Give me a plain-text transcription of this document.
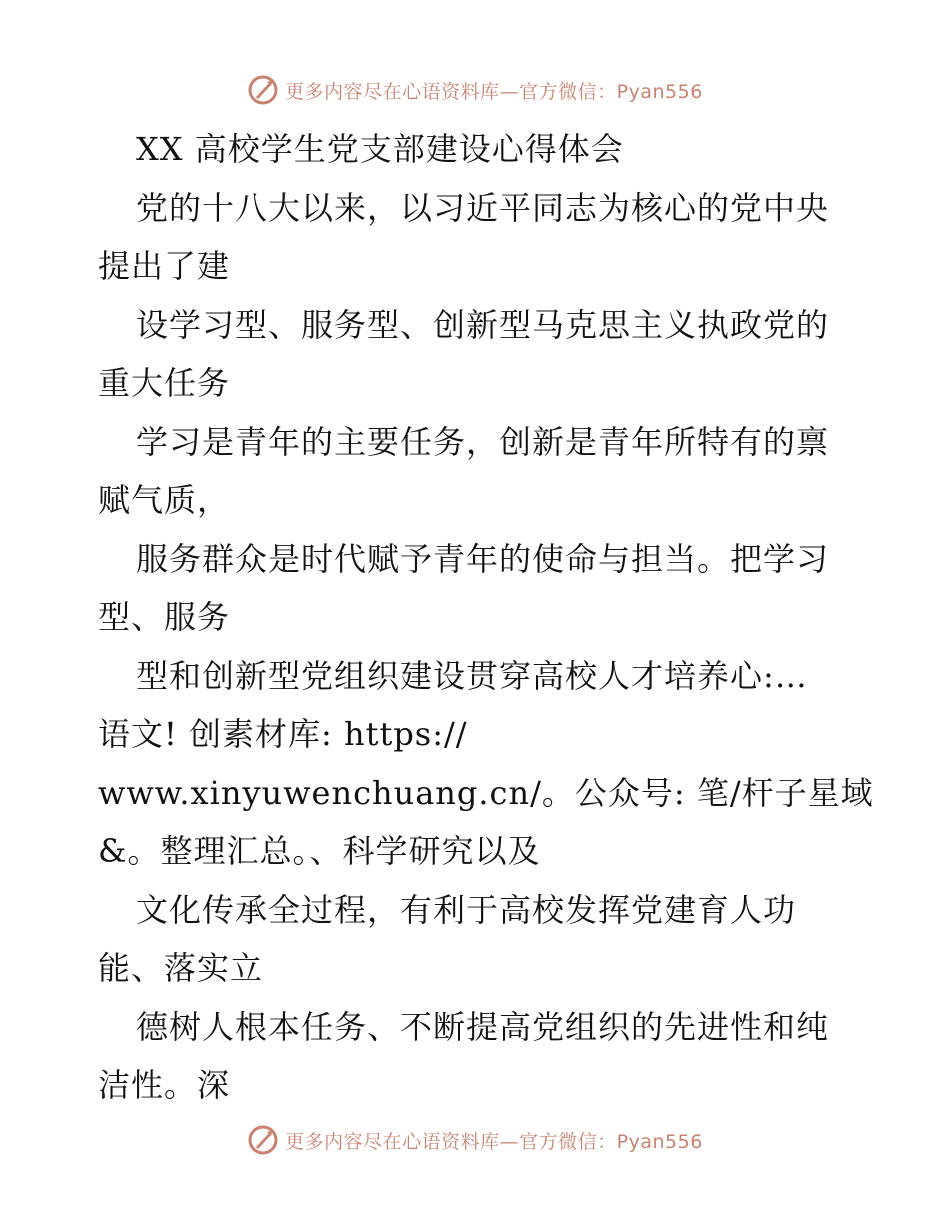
更多内容尽在心语资料库—官方微信：Pyan556
XX 高校学生党支部建设心得体会
党的十八大以来，以习近平同志为核心的党中央
提出了建
设学习型、服务型、创新型马克思主义执政党的
重大任务
学习是青年的主要任务，创新是青年所特有的禀
赋气质，
服务群众是时代赋予青年的使命与担当。把学习
型、服务
型和创新型党组织建设贯穿高校人才培养心:…
语文! 创素材库: https://
www.xinyuwenchuang.cn/。公众号: 笔/杆子星域
&。整理汇总。、科学研究以及
文化传承全过程，有利于高校发挥党建育人功
能、落实立
德树人根本任务、不断提高党组织的先进性和纯
洁性。深
更多内容尽在心语资料库—官方微信：Pyan556
